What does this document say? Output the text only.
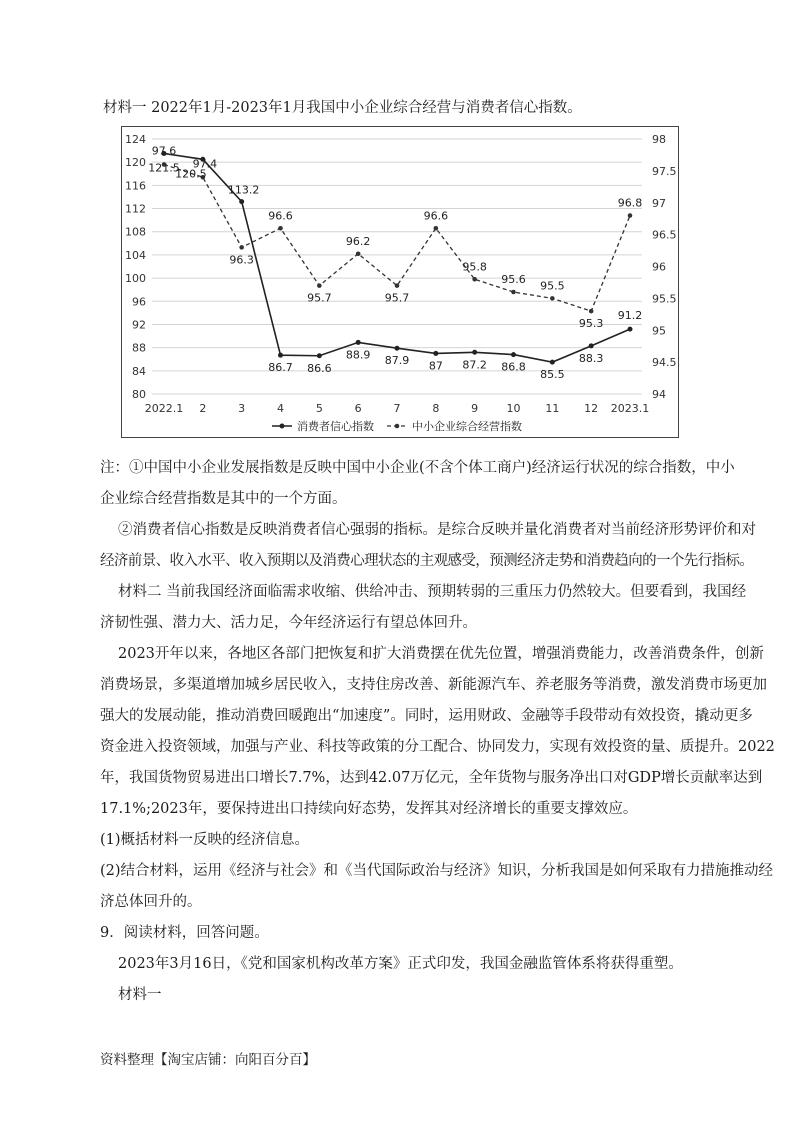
材料一 2022年1月-2023年1月我国中小企业综合经营与消费者信心指数。
80
84
88
92
96
100
104
108
112
116
120
124
94
94.5
95
95.5
96
96.5
97
97.5
98
2022.1 2	3	4	5	6	7	8	9	10 11 12 2023.1
121.5
120.5
113.2
86.7 86.6
88.9 87.9 87 87.2 86.8
85.5
88.3
91.2
97.6
97.4
96.3
96.6
95.7
96.2
95.7
96.6
95.8
95.6 95.5
95.3
96.8
消费者信心指数	中小企业综合经营指数
注：①中国中小企业发展指数是反映中国中小企业(不含个体工商户)经济运行状况的综合指数，中小
企业综合经营指数是其中的一个方面。
②消费者信心指数是反映消费者信心强弱的指标。是综合反映并量化消费者对当前经济形势评价和对
经济前景、收入水平、收入预期以及消费心理状态的主观感受，预测经济走势和消费趋向的一个先行指标。
材料二 当前我国经济面临需求收缩、供给冲击、预期转弱的三重压力仍然较大。但要看到，我国经
济韧性强、潜力大、活力足，今年经济运行有望总体回升。
2023开年以来，各地区各部门把恢复和扩大消费摆在优先位置，增强消费能力，改善消费条件，创新
消费场景，多渠道增加城乡居民收入，支持住房改善、新能源汽车、养老服务等消费，激发消费市场更加
强大的发展动能，推动消费回暖跑出“加速度”。同时，运用财政、金融等手段带动有效投资，撬动更多
资金进入投资领域，加强与产业、科技等政策的分工配合、协同发力，实现有效投资的量、质提升。2022
年，我国货物贸易进出口增长7.7%，达到42.07万亿元，全年货物与服务净出口对GDP增长贡献率达到
17.1%;2023年，要保持进出口持续向好态势，发挥其对经济增长的重要支撑效应。
(1)概括材料一反映的经济信息。
(2)结合材料，运用《经济与社会》和《当代国际政治与经济》知识，分析我国是如何采取有力措施推动经
济总体回升的。
9．阅读材料，回答问题。
2023年3月16日，《党和国家机构改革方案》正式印发，我国金融监管体系将获得重塑。
材料一
资料整理【淘宝店铺：向阳百分百】
